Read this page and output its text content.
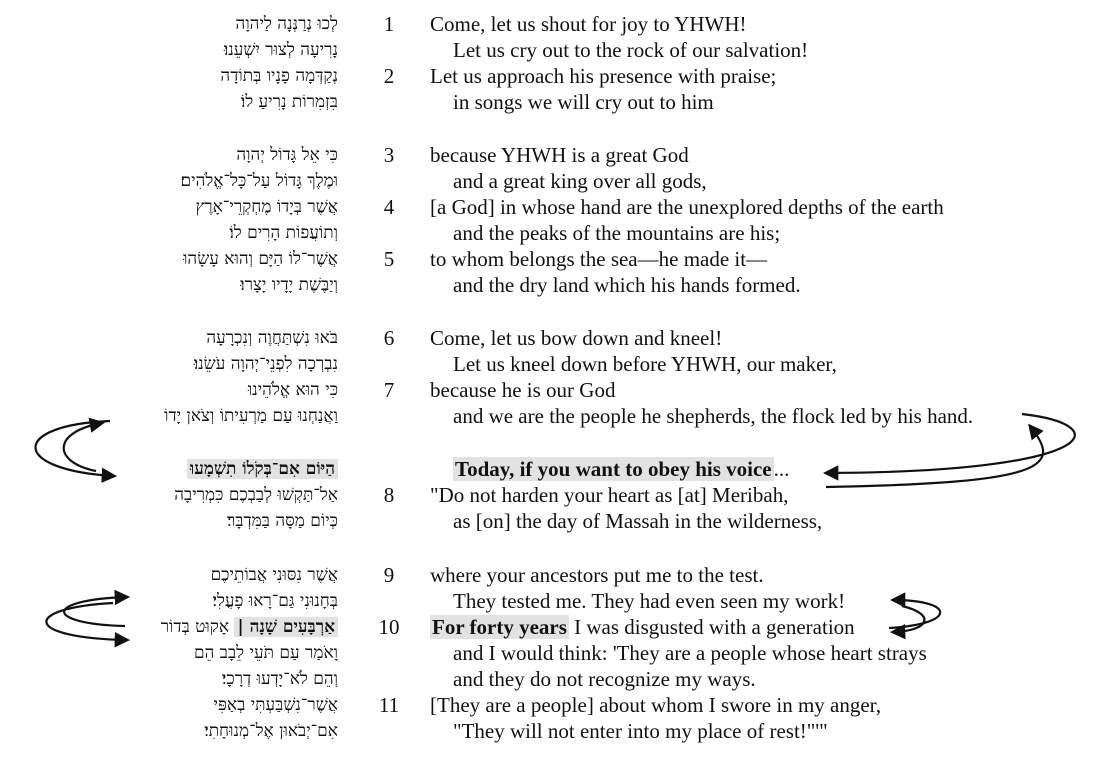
לְכוּ נְרַנְּנָה לַיהוָה	1	Come, let us shout for joy to YHWH!
נָרִיעָה לְצוּר יִשְׁעֵנוּ׃	Let us cry out to the rock of our salvation!
נְקַדְּמָה פָנָיו בְּתוֹדָה	2	Let us approach his presence with praise;
בִּזְמִרוֹת נָרִיעַ לוֹ׃	in songs we will cry out to him
כִּי אֵל גָּדוֹל יְהוָה	3	because YHWH is a great God
וּמֶלֶךְ גָּדוֹל עַל־כָּל־אֱלֹהִים׃	and a great king over all gods,
אֲשֶׁר בְּיָדוֹ מֶחְקְרֵי־אָרֶץ	4	[a God] in whose hand are the unexplored depths of the earth
וְתוֹעֲפוֹת הָרִים לוֹ׃	and the peaks of the mountains are his;
אֲשֶׁר־לוֹ הַיָּם וְהוּא עָשָׂהוּ	5	to whom belongs the sea—he made it—
וְיַבֶּשֶׁת יָדָיו יָצָרוּ׃	and the dry land which his hands formed.
בֹּאוּ נִשְׁתַּחֲוֶה וְנִכְרָעָה	6	Come, let us bow down and kneel!
נִבְרְכָה לִפְנֵי־יְהוָה עֹשֵׂנוּ׃	Let us kneel down before YHWH, our maker,
כִּי הוּא אֱלֹהֵינוּ	7	because he is our God
וַאֲנַחְנוּ עַם מַרְעִיתוֹ וְצֹאן יָדוֹ	and we are the people he shepherds, the flock led by his hand.
הַיּוֹם אִם־בְּקֹלוֹ תִשְׁמָעוּ	Today, if you want to obey his voice...
אַל־תַּקְשׁוּ לְבַבְכֶם כִּמְרִיבָה	8	"Do not harden your heart as [at] Meribah,
כְּיוֹם מַסָּה בַּמִּדְבָּר׃	as [on] the day of Massah in the wilderness,
אֲשֶׁר נִסּוּנִי אֲבוֹתֵיכֶם	9	where your ancestors put me to the test.
בְּחָנוּנִי גַּם־רָאוּ פָעֳלִי׃	They tested me. They had even seen my work!
אַרְבָּעִים שָׁנָה | אָקוּט בְּדוֹר	10	For forty years I was disgusted with a generation
וָאֹמַר עַם תֹּעֵי לֵבָב הֵם	and I would think: 'They are a people whose heart strays
וְהֵם לֹא־יָדְעוּ דְרָכָי׃	and they do not recognize my ways.
אֲשֶׁר־נִשְׁבַּעְתִּי בְאַפִּי	11	[They are a people] about whom I swore in my anger,
אִם־יְבֹאוּן אֶל־מְנוּחָתִי׃	"They will not enter into my place of rest!"'"
